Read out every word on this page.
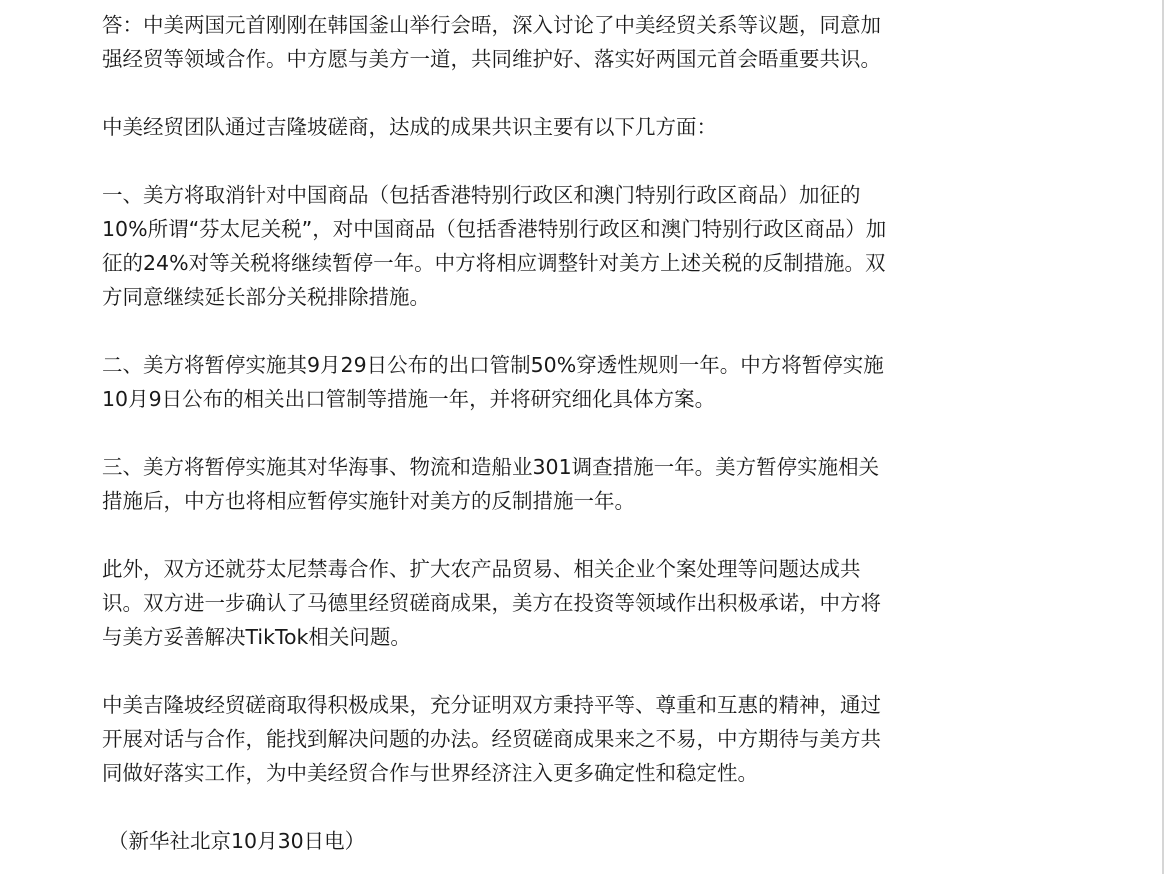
答：中美两国元首刚刚在韩国釜山举行会晤，深入讨论了中美经贸关系等议题，同意加
强经贸等领域合作。中方愿与美方一道，共同维护好、落实好两国元首会晤重要共识。

中美经贸团队通过吉隆坡磋商，达成的成果共识主要有以下几方面：

一、美方将取消针对中国商品（包括香港特别行政区和澳门特别行政区商品）加征的
10%所谓“芬太尼关税”，对中国商品（包括香港特别行政区和澳门特别行政区商品）加
征的24%对等关税将继续暂停一年。中方将相应调整针对美方上述关税的反制措施。双
方同意继续延长部分关税排除措施。

二、美方将暂停实施其9月29日公布的出口管制50%穿透性规则一年。中方将暂停实施
10月9日公布的相关出口管制等措施一年，并将研究细化具体方案。

三、美方将暂停实施其对华海事、物流和造船业301调查措施一年。美方暂停实施相关
措施后，中方也将相应暂停实施针对美方的反制措施一年。

此外，双方还就芬太尼禁毒合作、扩大农产品贸易、相关企业个案处理等问题达成共
识。双方进一步确认了马德里经贸磋商成果，美方在投资等领域作出积极承诺，中方将
与美方妥善解决TikTok相关问题。

中美吉隆坡经贸磋商取得积极成果，充分证明双方秉持平等、尊重和互惠的精神，通过
开展对话与合作，能找到解决问题的办法。经贸磋商成果来之不易，中方期待与美方共
同做好落实工作，为中美经贸合作与世界经济注入更多确定性和稳定性。

（新华社北京10月30日电）
